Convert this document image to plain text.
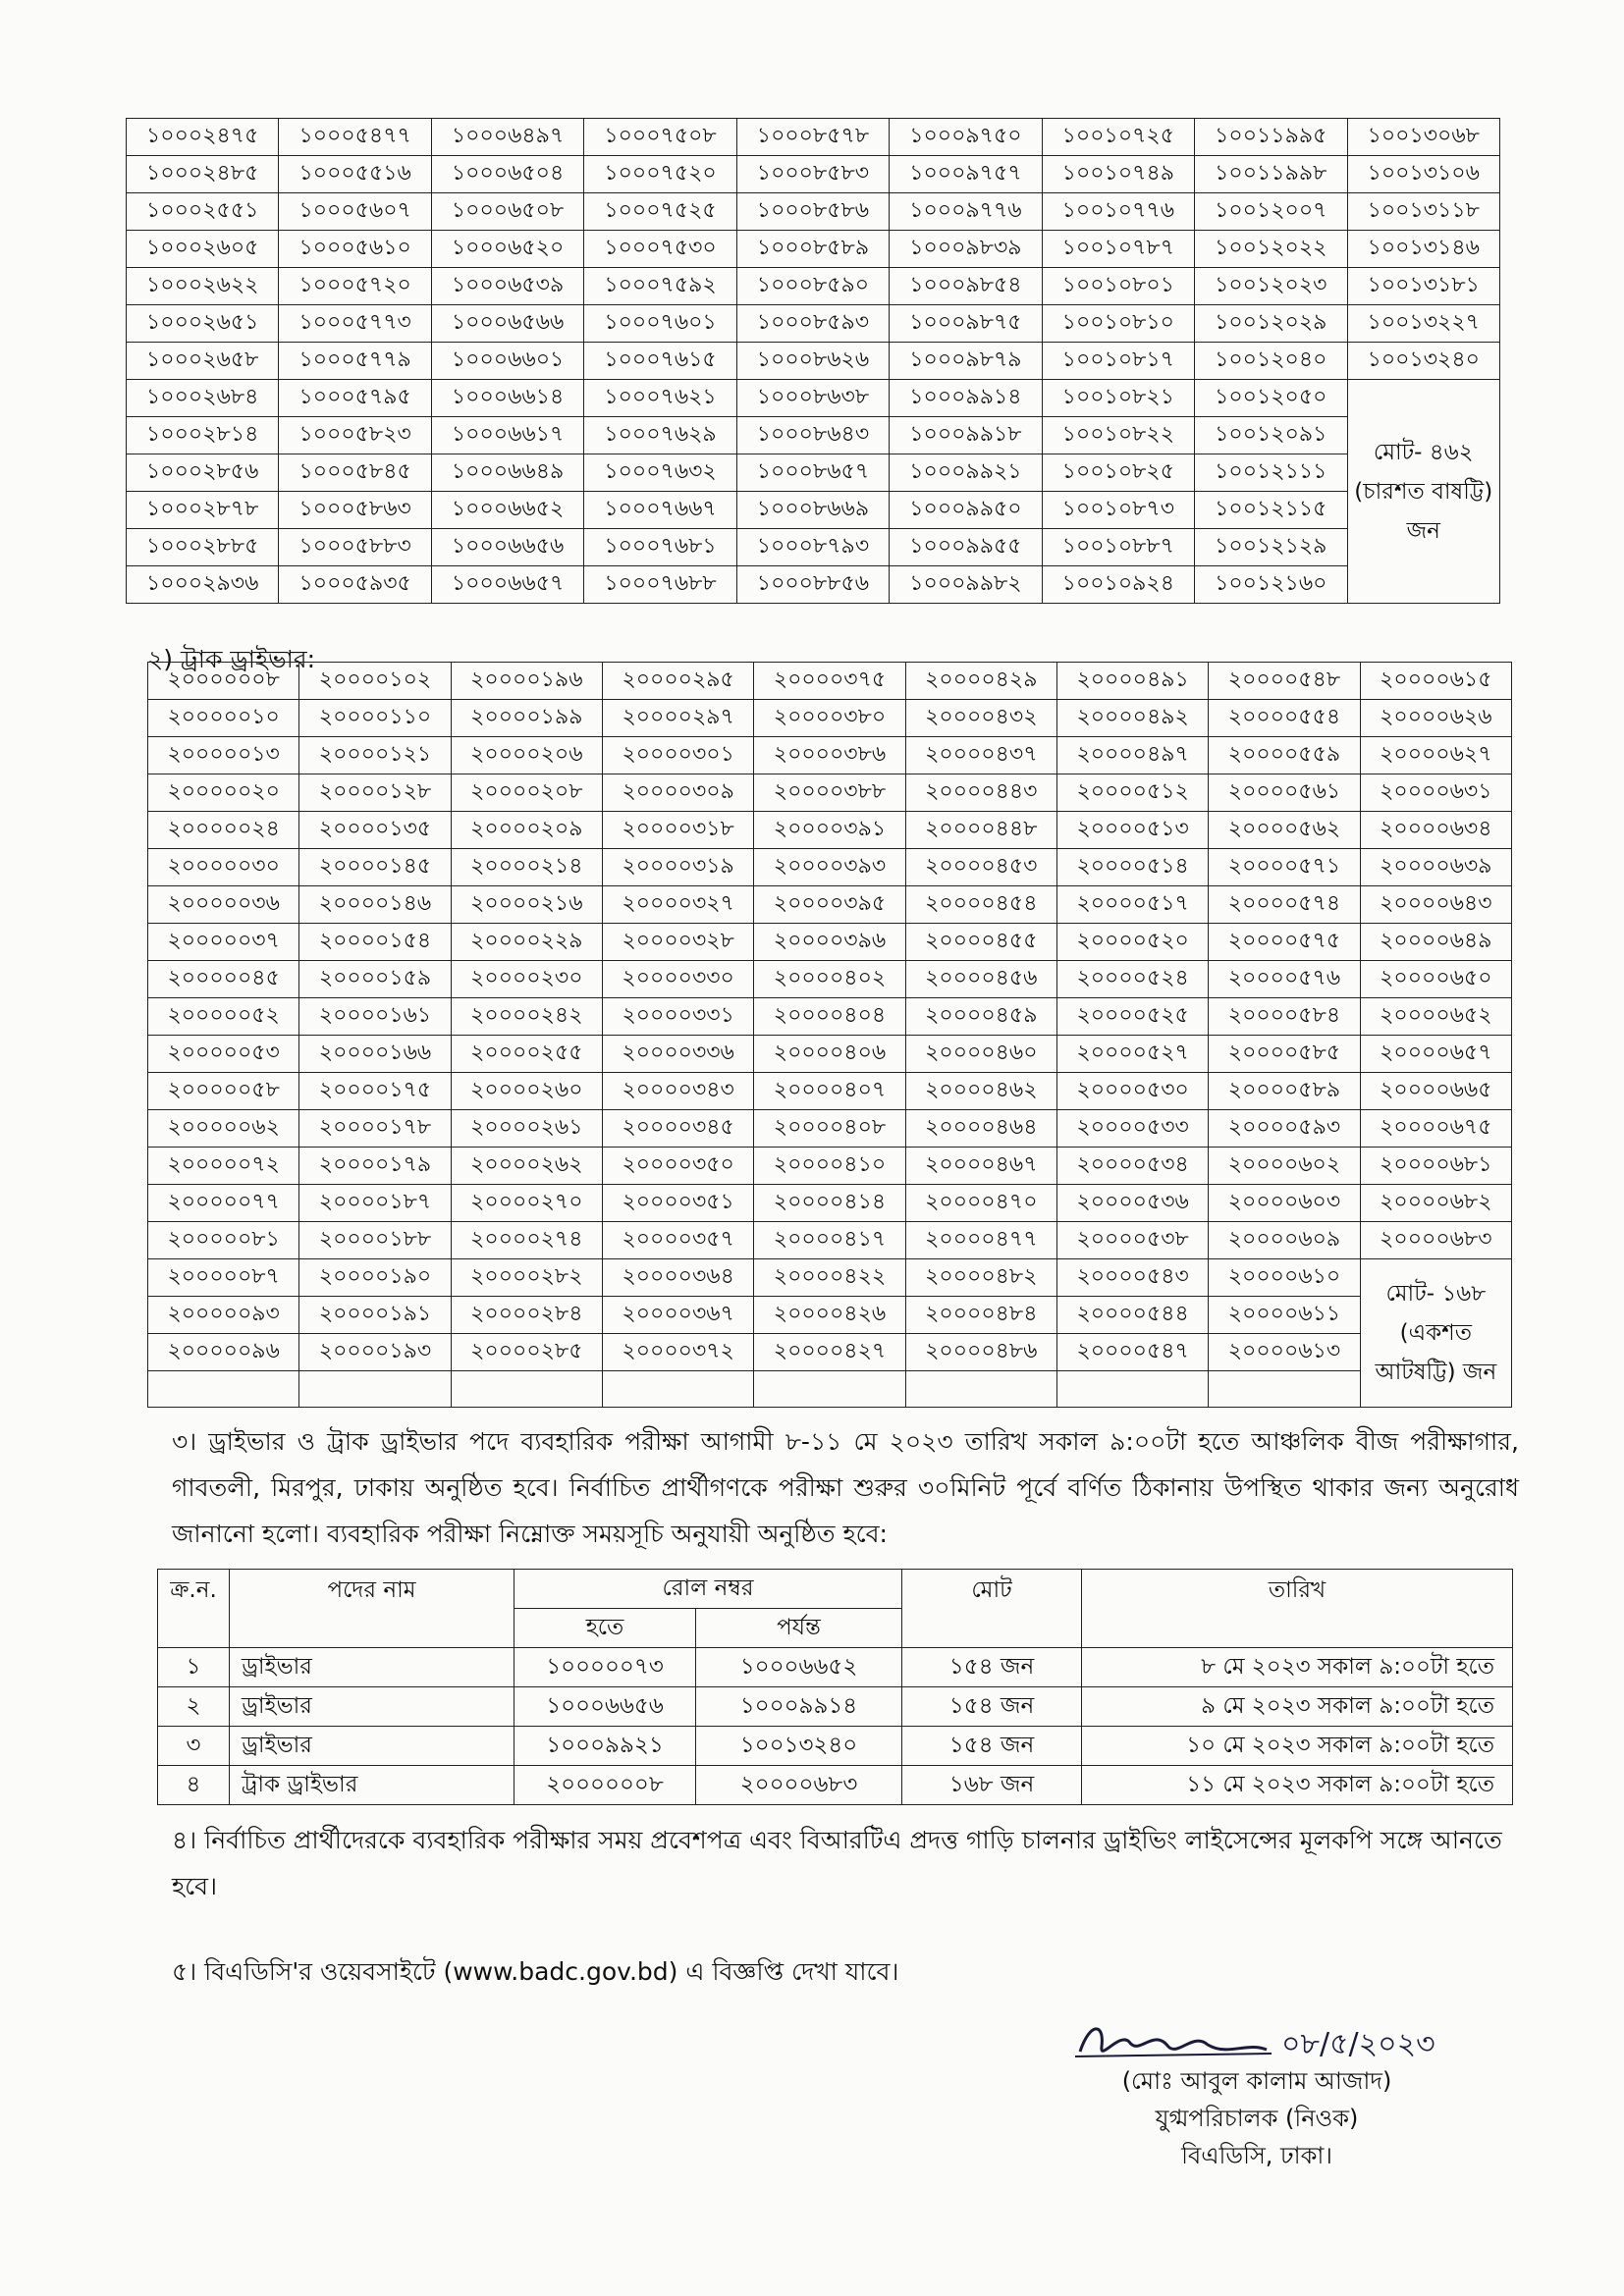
১০০০২৪৭৫	১০০০৫৪৭৭	১০০০৬৪৯৭	১০০০৭৫০৮	১০০০৮৫৭৮	১০০০৯৭৫০	১০০১০৭২৫	১০০১১৯৯৫	১০০১৩০৬৮
১০০০২৪৮৫	১০০০৫৫১৬	১০০০৬৫০৪	১০০০৭৫২০	১০০০৮৫৮৩	১০০০৯৭৫৭	১০০১০৭৪৯	১০০১১৯৯৮	১০০১৩১০৬
১০০০২৫৫১	১০০০৫৬০৭	১০০০৬৫০৮	১০০০৭৫২৫	১০০০৮৫৮৬	১০০০৯৭৭৬	১০০১০৭৭৬	১০০১২০০৭	১০০১৩১১৮
১০০০২৬০৫	১০০০৫৬১০	১০০০৬৫২০	১০০০৭৫৩০	১০০০৮৫৮৯	১০০০৯৮৩৯	১০০১০৭৮৭	১০০১২০২২	১০০১৩১৪৬
১০০০২৬২২	১০০০৫৭২০	১০০০৬৫৩৯	১০০০৭৫৯২	১০০০৮৫৯০	১০০০৯৮৫৪	১০০১০৮০১	১০০১২০২৩	১০০১৩১৮১
১০০০২৬৫১	১০০০৫৭৭৩	১০০০৬৫৬৬	১০০০৭৬০১	১০০০৮৫৯৩	১০০০৯৮৭৫	১০০১০৮১০	১০০১২০২৯	১০০১৩২২৭
১০০০২৬৫৮	১০০০৫৭৭৯	১০০০৬৬০১	১০০০৭৬১৫	১০০০৮৬২৬	১০০০৯৮৭৯	১০০১০৮১৭	১০০১২০৪০	১০০১৩২৪০
১০০০২৬৮৪	১০০০৫৭৯৫	১০০০৬৬১৪	১০০০৭৬২১	১০০০৮৬৩৮	১০০০৯৯১৪	১০০১০৮২১	১০০১২০৫০	মোট- ৪৬২ (চারশত বাষট্টি) জন
১০০০২৮১৪	১০০০৫৮২৩	১০০০৬৬১৭	১০০০৭৬২৯	১০০০৮৬৪৩	১০০০৯৯১৮	১০০১০৮২২	১০০১২০৯১	
১০০০২৮৫৬	১০০০৫৮৪৫	১০০০৬৬৪৯	১০০০৭৬৩২	১০০০৮৬৫৭	১০০০৯৯২১	১০০১০৮২৫	১০০১২১১১	
১০০০২৮৭৮	১০০০৫৮৬৩	১০০০৬৬৫২	১০০০৭৬৬৭	১০০০৮৬৬৯	১০০০৯৯৫০	১০০১০৮৭৩	১০০১২১১৫	
১০০০২৮৮৫	১০০০৫৮৮৩	১০০০৬৬৫৬	১০০০৭৬৮১	১০০০৮৭৯৩	১০০০৯৯৫৫	১০০১০৮৮৭	১০০১২১২৯	
১০০০২৯৩৬	১০০০৫৯৩৫	১০০০৬৬৫৭	১০০০৭৬৮৮	১০০০৮৮৫৬	১০০০৯৯৮২	১০০১০৯২৪	১০০১২১৬০	
২) ট্রাক ড্রাইভার:
২০০০০০০৮	২০০০০১০২	২০০০০১৯৬	২০০০০২৯৫	২০০০০৩৭৫	২০০০০৪২৯	২০০০০৪৯১	২০০০০৫৪৮	২০০০০৬১৫
২০০০০০১০	২০০০০১১০	২০০০০১৯৯	২০০০০২৯৭	২০০০০৩৮০	২০০০০৪৩২	২০০০০৪৯২	২০০০০৫৫৪	২০০০০৬২৬
২০০০০০১৩	২০০০০১২১	২০০০০২০৬	২০০০০৩০১	২০০০০৩৮৬	২০০০০৪৩৭	২০০০০৪৯৭	২০০০০৫৫৯	২০০০০৬২৭
২০০০০০২০	২০০০০১২৮	২০০০০২০৮	২০০০০৩০৯	২০০০০৩৮৮	২০০০০৪৪৩	২০০০০৫১২	২০০০০৫৬১	২০০০০৬৩১
২০০০০০২৪	২০০০০১৩৫	২০০০০২০৯	২০০০০৩১৮	২০০০০৩৯১	২০০০০৪৪৮	২০০০০৫১৩	২০০০০৫৬২	২০০০০৬৩৪
২০০০০০৩০	২০০০০১৪৫	২০০০০২১৪	২০০০০৩১৯	২০০০০৩৯৩	২০০০০৪৫৩	২০০০০৫১৪	২০০০০৫৭১	২০০০০৬৩৯
২০০০০০৩৬	২০০০০১৪৬	২০০০০২১৬	২০০০০৩২৭	২০০০০৩৯৫	২০০০০৪৫৪	২০০০০৫১৭	২০০০০৫৭৪	২০০০০৬৪৩
২০০০০০৩৭	২০০০০১৫৪	২০০০০২২৯	২০০০০৩২৮	২০০০০৩৯৬	২০০০০৪৫৫	২০০০০৫২০	২০০০০৫৭৫	২০০০০৬৪৯
২০০০০০৪৫	২০০০০১৫৯	২০০০০২৩০	২০০০০৩৩০	২০০০০৪০২	২০০০০৪৫৬	২০০০০৫২৪	২০০০০৫৭৬	২০০০০৬৫০
২০০০০০৫২	২০০০০১৬১	২০০০০২৪২	২০০০০৩৩১	২০০০০৪০৪	২০০০০৪৫৯	২০০০০৫২৫	২০০০০৫৮৪	২০০০০৬৫২
২০০০০০৫৩	২০০০০১৬৬	২০০০০২৫৫	২০০০০৩৩৬	২০০০০৪০৬	২০০০০৪৬০	২০০০০৫২৭	২০০০০৫৮৫	২০০০০৬৫৭
২০০০০০৫৮	২০০০০১৭৫	২০০০০২৬০	২০০০০৩৪৩	২০০০০৪০৭	২০০০০৪৬২	২০০০০৫৩০	২০০০০৫৮৯	২০০০০৬৬৫
২০০০০০৬২	২০০০০১৭৮	২০০০০২৬১	২০০০০৩৪৫	২০০০০৪০৮	২০০০০৪৬৪	২০০০০৫৩৩	২০০০০৫৯৩	২০০০০৬৭৫
২০০০০০৭২	২০০০০১৭৯	২০০০০২৬২	২০০০০৩৫০	২০০০০৪১০	২০০০০৪৬৭	২০০০০৫৩৪	২০০০০৬০২	২০০০০৬৮১
২০০০০০৭৭	২০০০০১৮৭	২০০০০২৭০	২০০০০৩৫১	২০০০০৪১৪	২০০০০৪৭০	২০০০০৫৩৬	২০০০০৬০৩	২০০০০৬৮২
২০০০০০৮১	২০০০০১৮৮	২০০০০২৭৪	২০০০০৩৫৭	২০০০০৪১৭	২০০০০৪৭৭	২০০০০৫৩৮	২০০০০৬০৯	২০০০০৬৮৩
২০০০০০৮৭	২০০০০১৯০	২০০০০২৮২	২০০০০৩৬৪	২০০০০৪২২	২০০০০৪৮২	২০০০০৫৪৩	২০০০০৬১০	মোট- ১৬৮ (একশত আটষট্টি) জন
২০০০০০৯৩	২০০০০১৯১	২০০০০২৮৪	২০০০০৩৬৭	২০০০০৪২৬	২০০০০৪৮৪	২০০০০৫৪৪	২০০০০৬১১	
২০০০০০৯৬	২০০০০১৯৩	২০০০০২৮৫	২০০০০৩৭২	২০০০০৪২৭	২০০০০৪৮৬	২০০০০৫৪৭	২০০০০৬১৩	

৩। ড্রাইভার ও ট্রাক ড্রাইভার পদে ব্যবহারিক পরীক্ষা আগামী ৮-১১ মে ২০২৩ তারিখ সকাল ৯:০০টা হতে আঞ্চলিক বীজ পরীক্ষাগার, গাবতলী, মিরপুর, ঢাকায় অনুষ্ঠিত হবে। নির্বাচিত প্রার্থীগণকে পরীক্ষা শুরুর ৩০মিনিট পূর্বে বর্ণিত ঠিকানায় উপস্থিত থাকার জন্য অনুরোধ জানানো হলো। ব্যবহারিক পরীক্ষা নিম্নোক্ত সময়সূচি অনুযায়ী অনুষ্ঠিত হবে:
ক্র.ন.	পদের নাম	রোল নম্বর		মোট	তারিখ
		হতে	পর্যন্ত		
১	ড্রাইভার	১০০০০০৭৩	১০০০৬৬৫২	১৫৪ জন	৮ মে ২০২৩ সকাল ৯:০০টা হতে
২	ড্রাইভার	১০০০৬৬৫৬	১০০০৯৯১৪	১৫৪ জন	৯ মে ২০২৩ সকাল ৯:০০টা হতে
৩	ড্রাইভার	১০০০৯৯২১	১০০১৩২৪০	১৫৪ জন	১০ মে ২০২৩ সকাল ৯:০০টা হতে
৪	ট্রাক ড্রাইভার	২০০০০০০৮	২০০০০৬৮৩	১৬৮ জন	১১ মে ২০২৩ সকাল ৯:০০টা হতে
৪। নির্বাচিত প্রার্থীদেরকে ব্যবহারিক পরীক্ষার সময় প্রবেশপত্র এবং বিআরটিএ প্রদত্ত গাড়ি চালনার ড্রাইভিং লাইসেন্সের মূলকপি সঙ্গে আনতে হবে।
৫। বিএডিসি'র ওয়েবসাইটে (www.badc.gov.bd) এ বিজ্ঞপ্তি দেখা যাবে।
০৮/৫/২০২৩
(মোঃ আবুল কালাম আজাদ)
যুগ্মপরিচালক (নিওক)
বিএডিসি, ঢাকা।
